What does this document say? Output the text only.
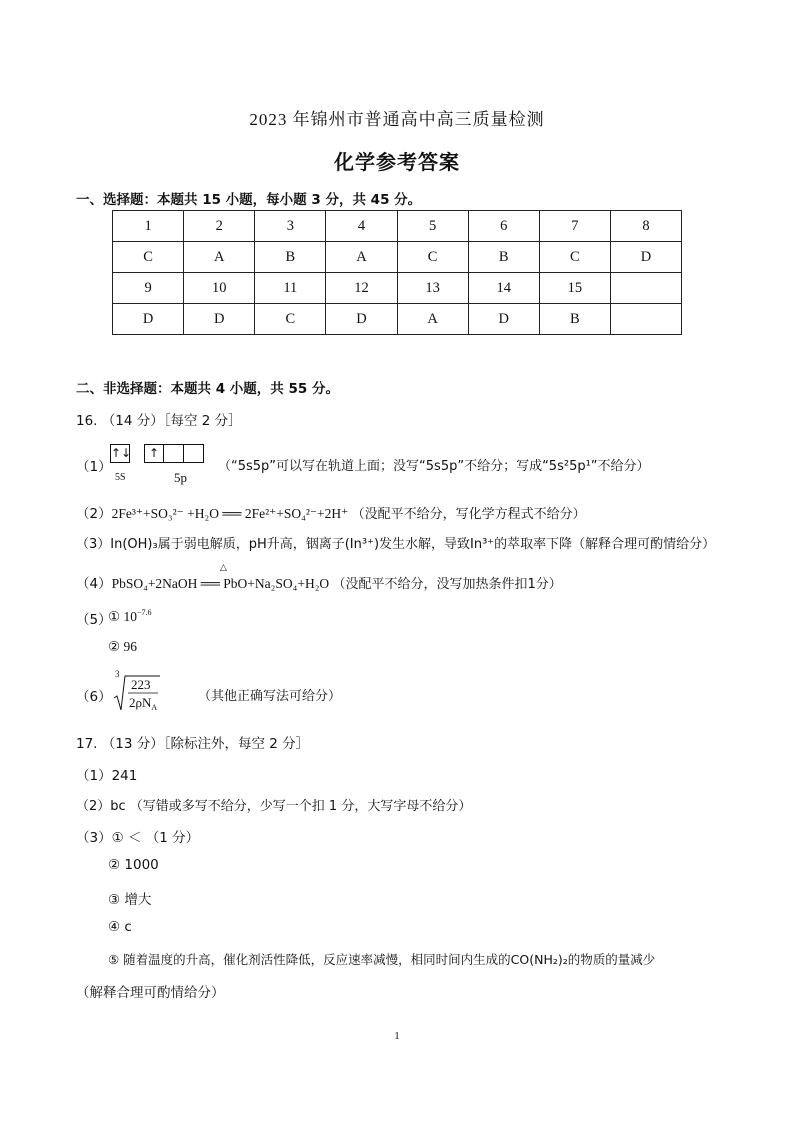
2023 年锦州市普通高中高三质量检测
化学参考答案
一、选择题：本题共 15 小题，每小题 3 分，共 45 分。
1	2	3	4	5	6	7	8
C	A	B	A	C	B	C	D
9	10	11	12	13	14	15	
D	D	C	D	A	D	B	
二、非选择题：本题共 4 小题，共 55 分。
16. （14 分）［每空 2 分］
（1）
↑↓
5S
↑
5p
（“5s5p”可以写在轨道上面；没写“5s5p”不给分；写成“5s²5p¹”不给分）
（2）2Fe³⁺+SO₃²⁻ +H₂O ══ 2Fe²⁺+SO₄²⁻+2H⁺ （没配平不给分，写化学方程式不给分）
（3）In(OH)₃属于弱电解质，pH升高，铟离子(In³⁺)发生水解，导致In³⁺的萃取率下降（解释合理可酌情给分）
（4）PbSO₄+2NaOH ══ PbO+Na₂SO₄+H₂O （没配平不给分，没写加热条件扣1分）
△
（5）
① $10^{-7.6}$
② 96
（6）
3
223
$2\rho N_A$
（其他正确写法可给分）
17. （13 分）［除标注外，每空 2 分］
（1）241
（2）bc （写错或多写不给分，少写一个扣 1 分，大写字母不给分）
（3）① ＜ （1 分）
② 1000
③ 增大
④ c
⑤ 随着温度的升高，催化剂活性降低，反应速率减慢，相同时间内生成的CO(NH₂)₂的物质的量减少
（解释合理可酌情给分）
1
